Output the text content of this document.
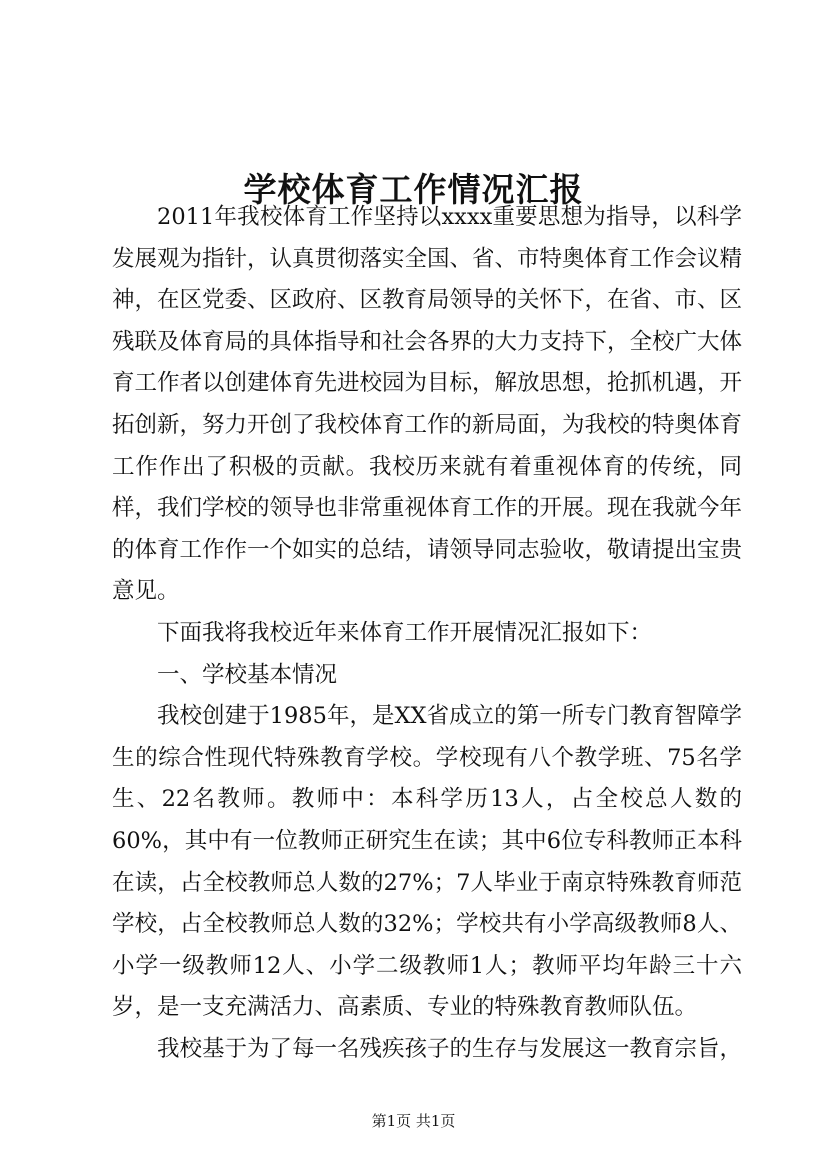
学校体育工作情况汇报

2011年我校体育工作坚持以xxxx重要思想为指导，以科学发展观为指针，认真贯彻落实全国、省、市特奥体育工作会议精神，在区党委、区政府、区教育局领导的关怀下，在省、市、区残联及体育局的具体指导和社会各界的大力支持下，全校广大体育工作者以创建体育先进校园为目标，解放思想，抢抓机遇，开拓创新，努力开创了我校体育工作的新局面，为我校的特奥体育工作作出了积极的贡献。我校历来就有着重视体育的传统，同样，我们学校的领导也非常重视体育工作的开展。现在我就今年的体育工作作一个如实的总结，请领导同志验收，敬请提出宝贵意见。

下面我将我校近年来体育工作开展情况汇报如下：

一、学校基本情况

我校创建于1985年，是XX省成立的第一所专门教育智障学生的综合性现代特殊教育学校。学校现有八个教学班、75名学生、22名教师。教师中：本科学历13人，占全校总人数的60%，其中有一位教师正研究生在读；其中6位专科教师正本科在读，占全校教师总人数的27%；7人毕业于南京特殊教育师范学校，占全校教师总人数的32%；学校共有小学高级教师8人、小学一级教师12人、小学二级教师1人；教师平均年龄三十六岁，是一支充满活力、高素质、专业的特殊教育教师队伍。

我校基于为了每一名残疾孩子的生存与发展这一教育宗旨，

第1页 共1页
